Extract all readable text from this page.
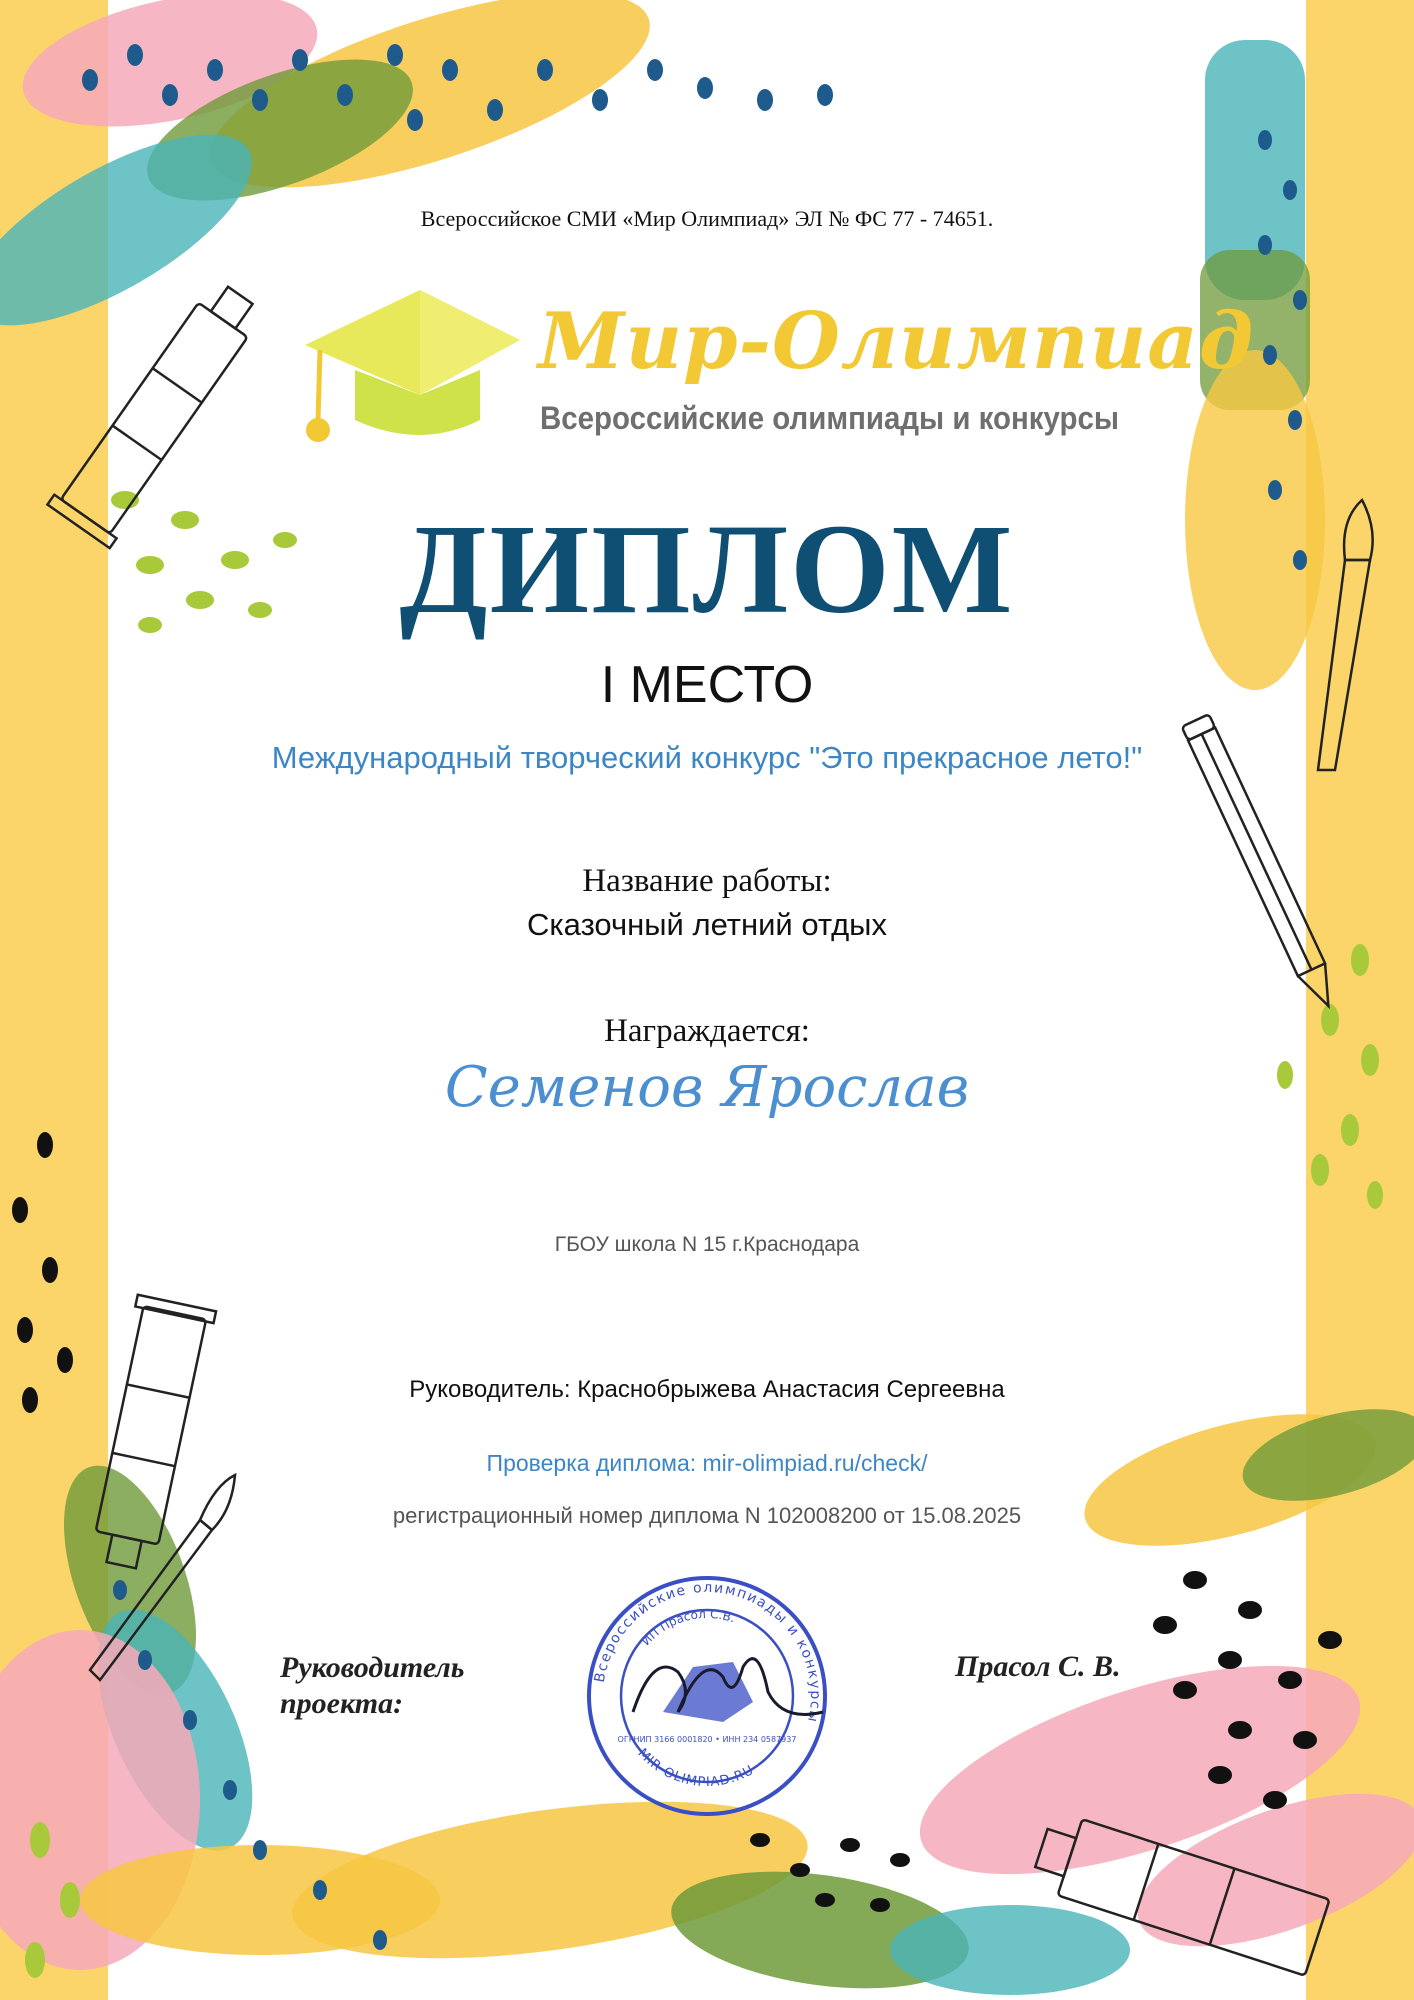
Всероссийское СМИ «Мир Олимпиад» ЭЛ № ФС 77 - 74651.

Мир-Олимпиад

Всероссийские олимпиады и конкурсы

ДИПЛОМ

I МЕСТО

Международный творческий конкурс "Это прекрасное лето!"

Название работы:

Сказочный летний отдых

Награждается:

Семенов Ярослав

ГБОУ школа N 15 г.Краснодара

Руководитель: Краснобрыжева Анастасия Сергеевна

Проверка диплома: mir-olimpiad.ru/check/

регистрационный номер диплома N 102008200 от 15.08.2025

Руководитель проекта:

Прасол С. В.

Всероссийские олимпиады и конкурсы
ИП Прасол С.В.
MIR-OLIMPIAD.RU
ОГРНИП 3166 0001820 • ИНН 234 0587937
